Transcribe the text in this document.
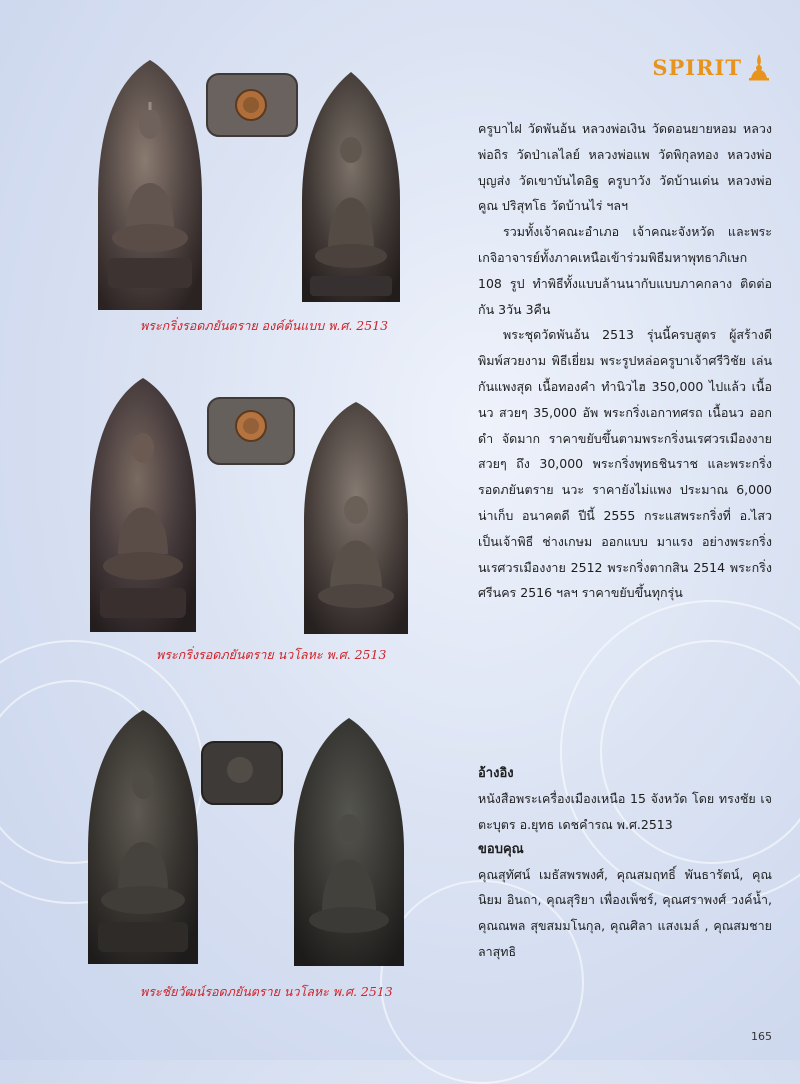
SPIRIT
พระกริ่งรอดภยันตราย องค์ต้นแบบ พ.ศ. 2513
พระกริ่งรอดภยันตราย นวโลหะ พ.ศ. 2513
พระชัยวัฒน์รอดภยันตราย นวโลหะ พ.ศ. 2513

ครูบาไฝ วัดพันอ้น หลวงพ่อเงิน วัดดอนยายหอม หลวงพ่อถิร วัดป่าเลไลย์ หลวงพ่อแพ วัดพิกุลทอง หลวงพ่อบุญส่ง วัดเขาบันไดอิฐ ครูบาวัง วัดบ้านเด่น หลวงพ่อคูณ ปริสุทโธ วัดบ้านไร่ ฯลฯ

รวมทั้งเจ้าคณะอำเภอ เจ้าคณะจังหวัด และพระเกจิอาจารย์ทั้งภาคเหนือเข้าร่วมพิธีมหาพุทธาภิเษก 108 รูป ทำพิธีทั้งแบบล้านนากับแบบภาคกลาง ติดต่อกัน 3วัน 3คืน

พระชุดวัดพันอ้น 2513 รุ่นนี้ครบสูตร ผู้สร้างดี พิมพ์สวยงาม พิธีเยี่ยม พระรูปหล่อครูบาเจ้าศรีวิชัย เล่นกันแพงสุด เนื้อทองคำ ทำนิวไฮ 350,000 ไปแล้ว เนื้อนว สวยๆ 35,000 อัพ พระกริ่งเอกาทศรถ เนื้อนว ออกดำ จัดมาก ราคาขยับขึ้นตามพระกริ่งนเรศวรเมืองงาย สวยๆ ถึง 30,000 พระกริ่งพุทธชินราช และพระกริ่งรอดภยันตราย นวะ ราคายังไม่แพง ประมาณ 6,000 น่าเก็บ อนาคตดี ปีนี้ 2555 กระแสพระกริ่งที่ อ.ไสว เป็นเจ้าพิธี ช่างเกษม ออกแบบ มาแรง อย่างพระกริ่งนเรศวรเมืองงาย 2512 พระกริ่งตากสิน 2514 พระกริ่งศรีนคร 2516 ฯลฯ ราคาขยับขึ้นทุกรุ่น

อ้างอิง

หนังสือพระเครื่องเมืองเหนือ 15 จังหวัด โดย ทรงชัย เจตะบุตร อ.ยุทธ เดชคำรณ พ.ศ.2513

ขอบคุณ

คุณสุทัศน์ เมธัสพรพงศ์, คุณสมฤทธิ์ พันธารัตน์, คุณนิยม อินถา, คุณสุริยา เพื่องเพ็ชร์, คุณศราพงศ์ วงค์น้ำ, คุณณพล สุขสมมโนกุล, คุณศิลา แสงเมล์ , คุณสมชาย ลาสุทธิ

165
